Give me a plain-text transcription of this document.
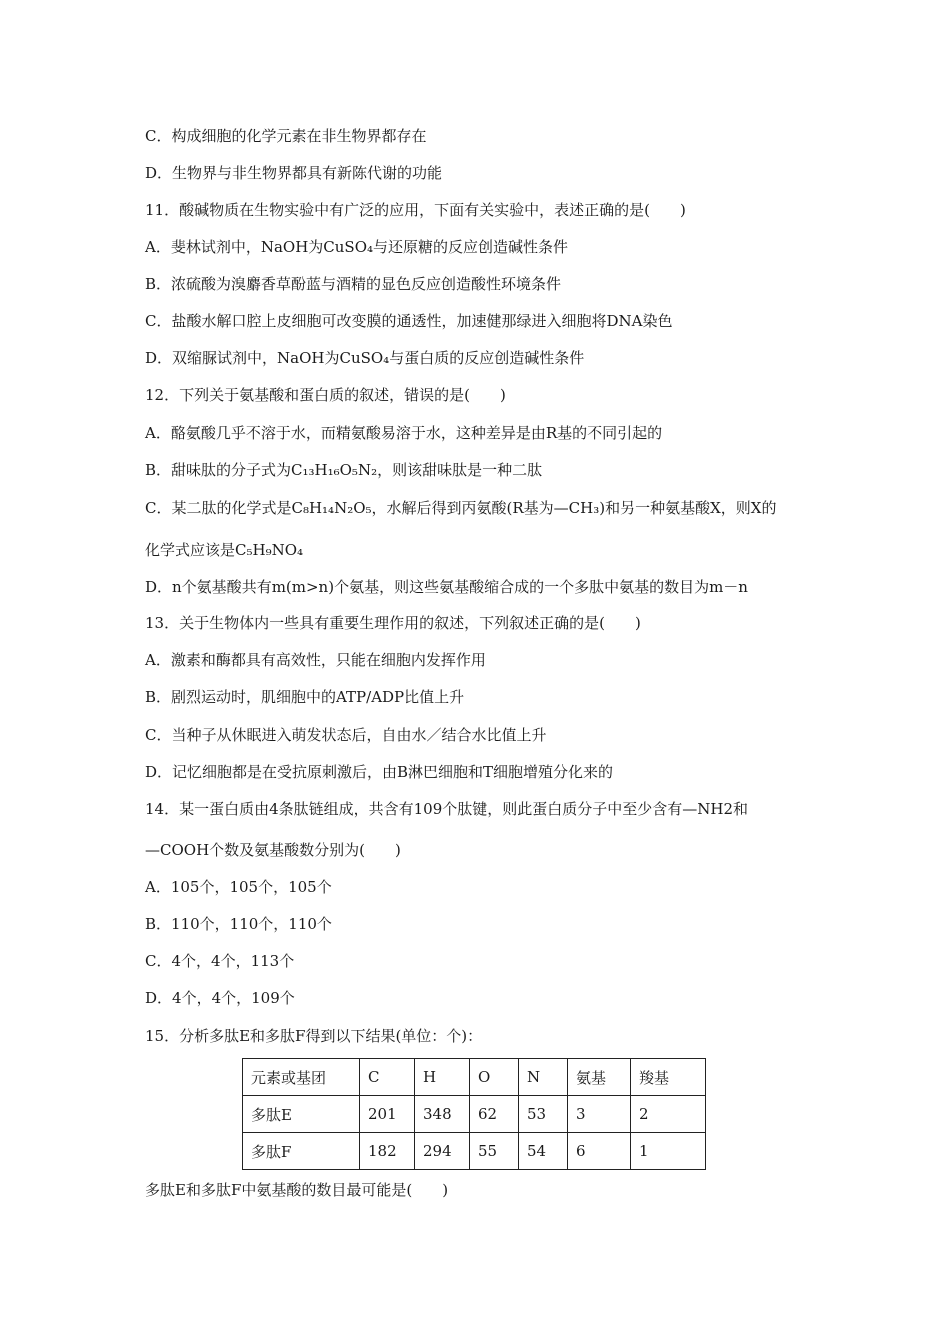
C．构成细胞的化学元素在非生物界都存在
D．生物界与非生物界都具有新陈代谢的功能
11．酸碱物质在生物实验中有广泛的应用，下面有关实验中，表述正确的是(　　)
A．斐林试剂中，NaOH为CuSO₄与还原糖的反应创造碱性条件
B．浓硫酸为溴麝香草酚蓝与酒精的显色反应创造酸性环境条件
C．盐酸水解口腔上皮细胞可改变膜的通透性，加速健那绿进入细胞将DNA染色
D．双缩脲试剂中，NaOH为CuSO₄与蛋白质的反应创造碱性条件
12．下列关于氨基酸和蛋白质的叙述，错误的是(　　)
A．酪氨酸几乎不溶于水，而精氨酸易溶于水，这种差异是由R基的不同引起的
B．甜味肽的分子式为C₁₃H₁₆O₅N₂，则该甜味肽是一种二肽
C．某二肽的化学式是C₈H₁₄N₂O₅，水解后得到丙氨酸(R基为—CH₃)和另一种氨基酸X，则X的
化学式应该是C₅H₉NO₄
D．n个氨基酸共有m(m>n)个氨基，则这些氨基酸缩合成的一个多肽中氨基的数目为m－n
13．关于生物体内一些具有重要生理作用的叙述，下列叙述正确的是(　　)
A．激素和酶都具有高效性，只能在细胞内发挥作用
B．剧烈运动时，肌细胞中的ATP/ADP比值上升
C．当种子从休眠进入萌发状态后，自由水／结合水比值上升
D．记忆细胞都是在受抗原刺激后，由B淋巴细胞和T细胞增殖分化来的
14．某一蛋白质由4条肽链组成，共含有109个肽键，则此蛋白质分子中至少含有—NH2和
—COOH个数及氨基酸数分别为(　　)
A．105个，105个，105个
B．110个，110个，110个
C．4个，4个，113个
D．4个，4个，109个
15．分析多肽E和多肽F得到以下结果(单位：个)：
元素或基团	C	H	O	N	氨基	羧基
多肽E	201	348	62	53	3	2
多肽F	182	294	55	54	6	1
多肽E和多肽F中氨基酸的数目最可能是(　　)
